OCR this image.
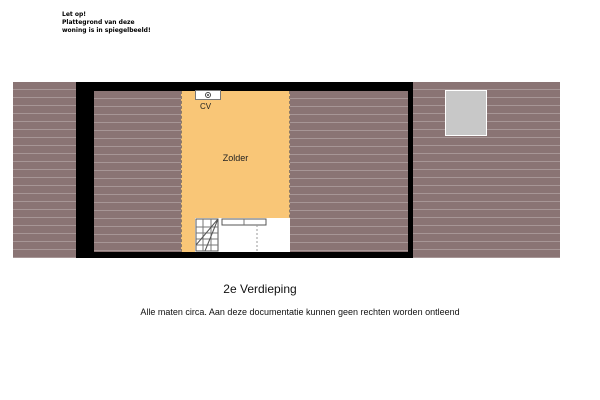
Let op!
Plattegrond van deze
woning is in spiegelbeeld!
CV
Zolder
2e Verdieping
Alle maten circa. Aan deze documentatie kunnen geen rechten worden ontleend
